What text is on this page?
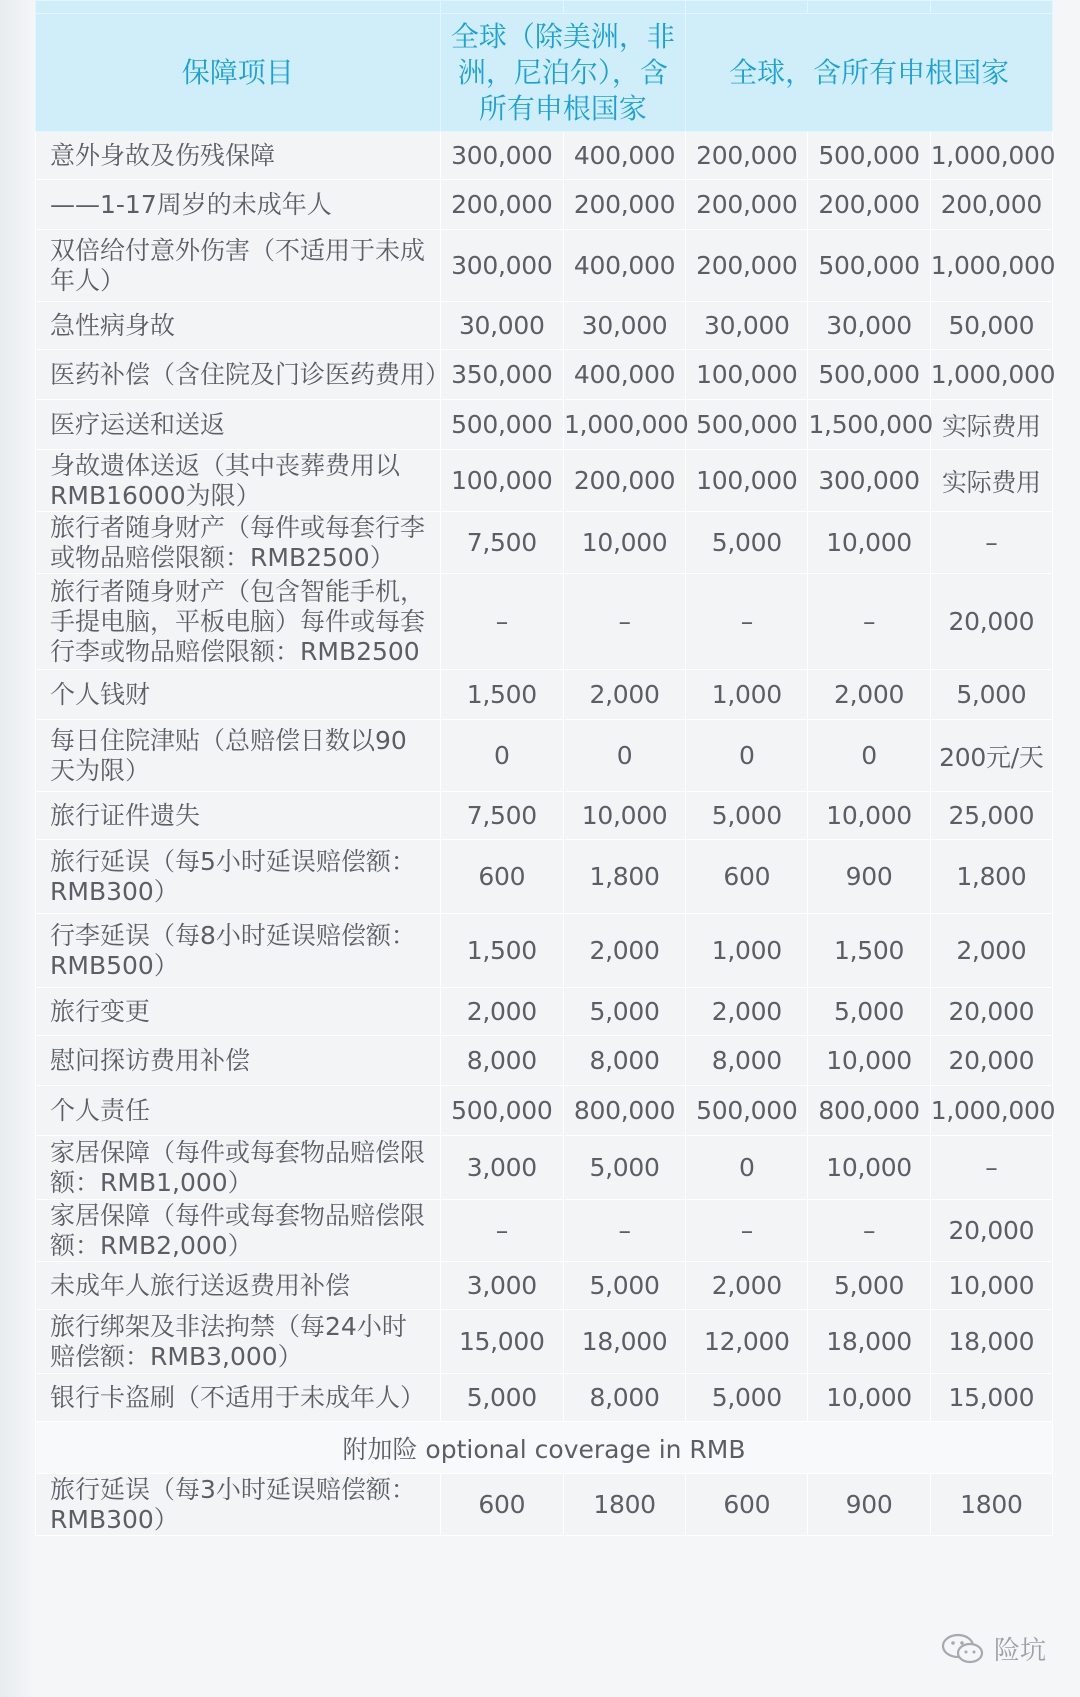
保障项目	全球（除美洲，非洲，尼泊尔），含所有申根国家		全球，含所有申根国家		
意外身故及伤残保障	300,000	400,000	200,000	500,000	1,000,000
——1-17周岁的未成年人	200,000	200,000	200,000	200,000	200,000
双倍给付意外伤害（不适用于未成年人）	300,000	400,000	200,000	500,000	1,000,000
急性病身故	30,000	30,000	30,000	30,000	50,000
医药补偿（含住院及门诊医药费用）	350,000	400,000	100,000	500,000	1,000,000
医疗运送和送返	500,000	1,000,000	500,000	1,500,000	实际费用
身故遗体送返（其中丧葬费用以RMB16000为限）	100,000	200,000	100,000	300,000	实际费用
旅行者随身财产（每件或每套行李或物品赔偿限额：RMB2500）	7,500	10,000	5,000	10,000	–
旅行者随身财产（包含智能手机，手提电脑，平板电脑）每件或每套行李或物品赔偿限额：RMB2500	–	–	–	–	20,000
个人钱财	1,500	2,000	1,000	2,000	5,000
每日住院津贴（总赔偿日数以90天为限）	0	0	0	0	200元/天
旅行证件遗失	7,500	10,000	5,000	10,000	25,000
旅行延误（每5小时延误赔偿额：RMB300）	600	1,800	600	900	1,800
行李延误（每8小时延误赔偿额：RMB500）	1,500	2,000	1,000	1,500	2,000
旅行变更	2,000	5,000	2,000	5,000	20,000
慰问探访费用补偿	8,000	8,000	8,000	10,000	20,000
个人责任	500,000	800,000	500,000	800,000	1,000,000
家居保障（每件或每套物品赔偿限额：RMB1,000）	3,000	5,000	0	10,000	–
家居保障（每件或每套物品赔偿限额：RMB2,000）	–	–	–	–	20,000
未成年人旅行送返费用补偿	3,000	5,000	2,000	5,000	10,000
旅行绑架及非法拘禁（每24小时赔偿额：RMB3,000）	15,000	18,000	12,000	18,000	18,000
银行卡盗刷（不适用于未成年人）	5,000	8,000	5,000	10,000	15,000
附加险 optional coverage in RMB					
旅行延误（每3小时延误赔偿额：RMB300）	600	1800	600	900	1800
险坑
